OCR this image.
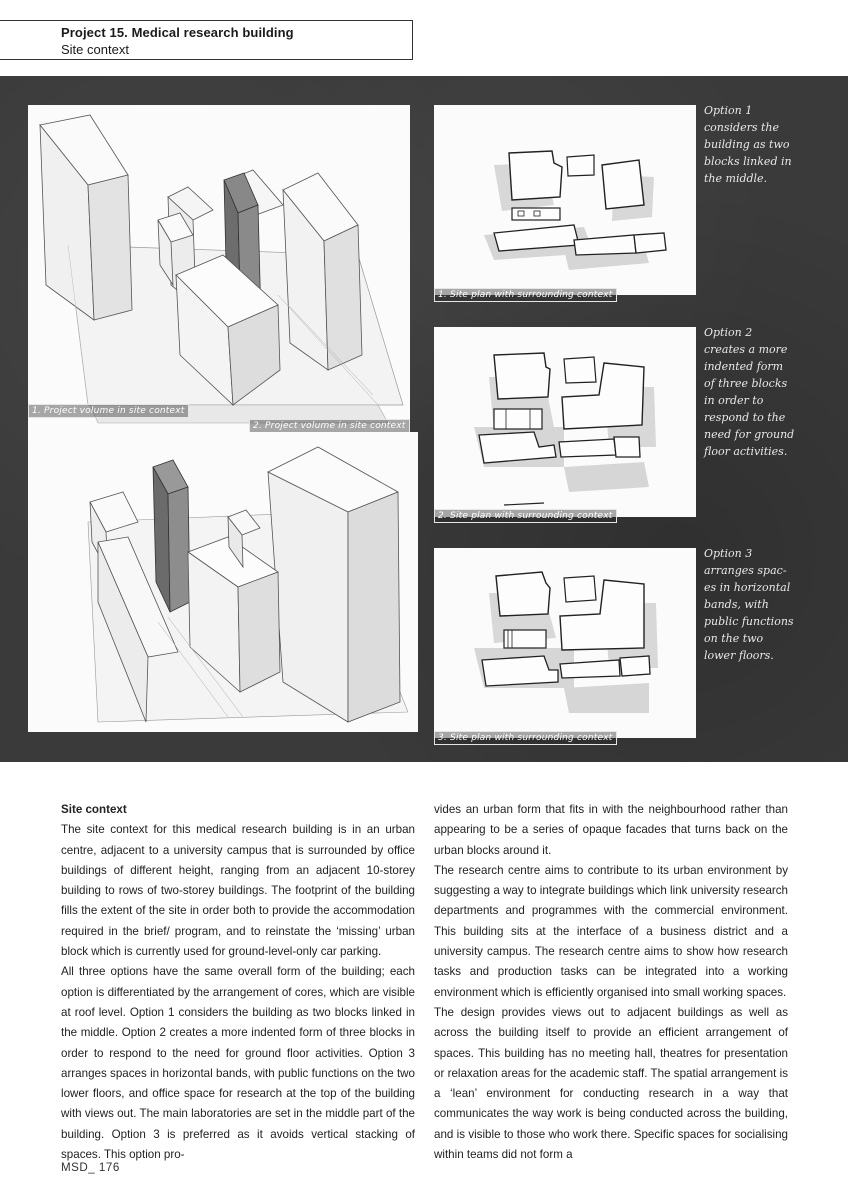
Project 15. Medical research building
Site context
1. Project volume in site context
2. Project volume in site context
1. Site plan with surrounding context
2. Site plan with surrounding context
3. Site plan with surrounding context
Option 1
considers the
building as two
blocks linked in
the middle.
Option 2
creates a more
indented form
of three blocks
in order to
respond to the
need for ground
floor activities.
Option 3
arranges spac-
es in horizontal
bands, with
public functions
on the two
lower floors.

Site context

The site context for this medical research building is in an urban centre, adjacent to a university campus that is surrounded by office buildings of different height, ranging from an adjacent 10-storey building to rows of two-storey buildings. The footprint of the building fills the extent of the site in order both to provide the accommodation required in the brief/ program, and to reinstate the ‘missing’ urban block which is currently used for ground-level-only car parking.

All three options have the same overall form of the building; each option is differentiated by the arrangement of cores, which are visible at roof level. Option 1 considers the building as two blocks linked in the middle. Option 2 creates a more indented form of three blocks in order to respond to the need for ground floor activities. Option 3 arranges spaces in horizontal bands, with public functions on the two lower floors, and office space for research at the top of the building with views out. The main laboratories are set in the middle part of the building. Option 3 is preferred as it avoids vertical stacking of spaces. This option pro-

vides an urban form that fits in with the neighbourhood rather than appearing to be a series of opaque facades that turns back on the urban blocks around it.

The research centre aims to contribute to its urban environment by suggesting a way to integrate buildings which link university research departments and programmes with the commercial environment. This building sits at the interface of a business district and a university campus. The research centre aims to show how research tasks and production tasks can be integrated into a working environment which is efficiently organised into small working spaces.

The design provides views out to adjacent buildings as well as across the building itself to provide an efficient arrangement of spaces. This building has no meeting hall, theatres for presentation or relaxation areas for the academic staff. The spatial arrangement is a ‘lean’ environment for conducting research in a way that communicates the way work is being conducted across the building, and is visible to those who work there. Specific spaces for socialising within teams did not form a

MSD_ 176
